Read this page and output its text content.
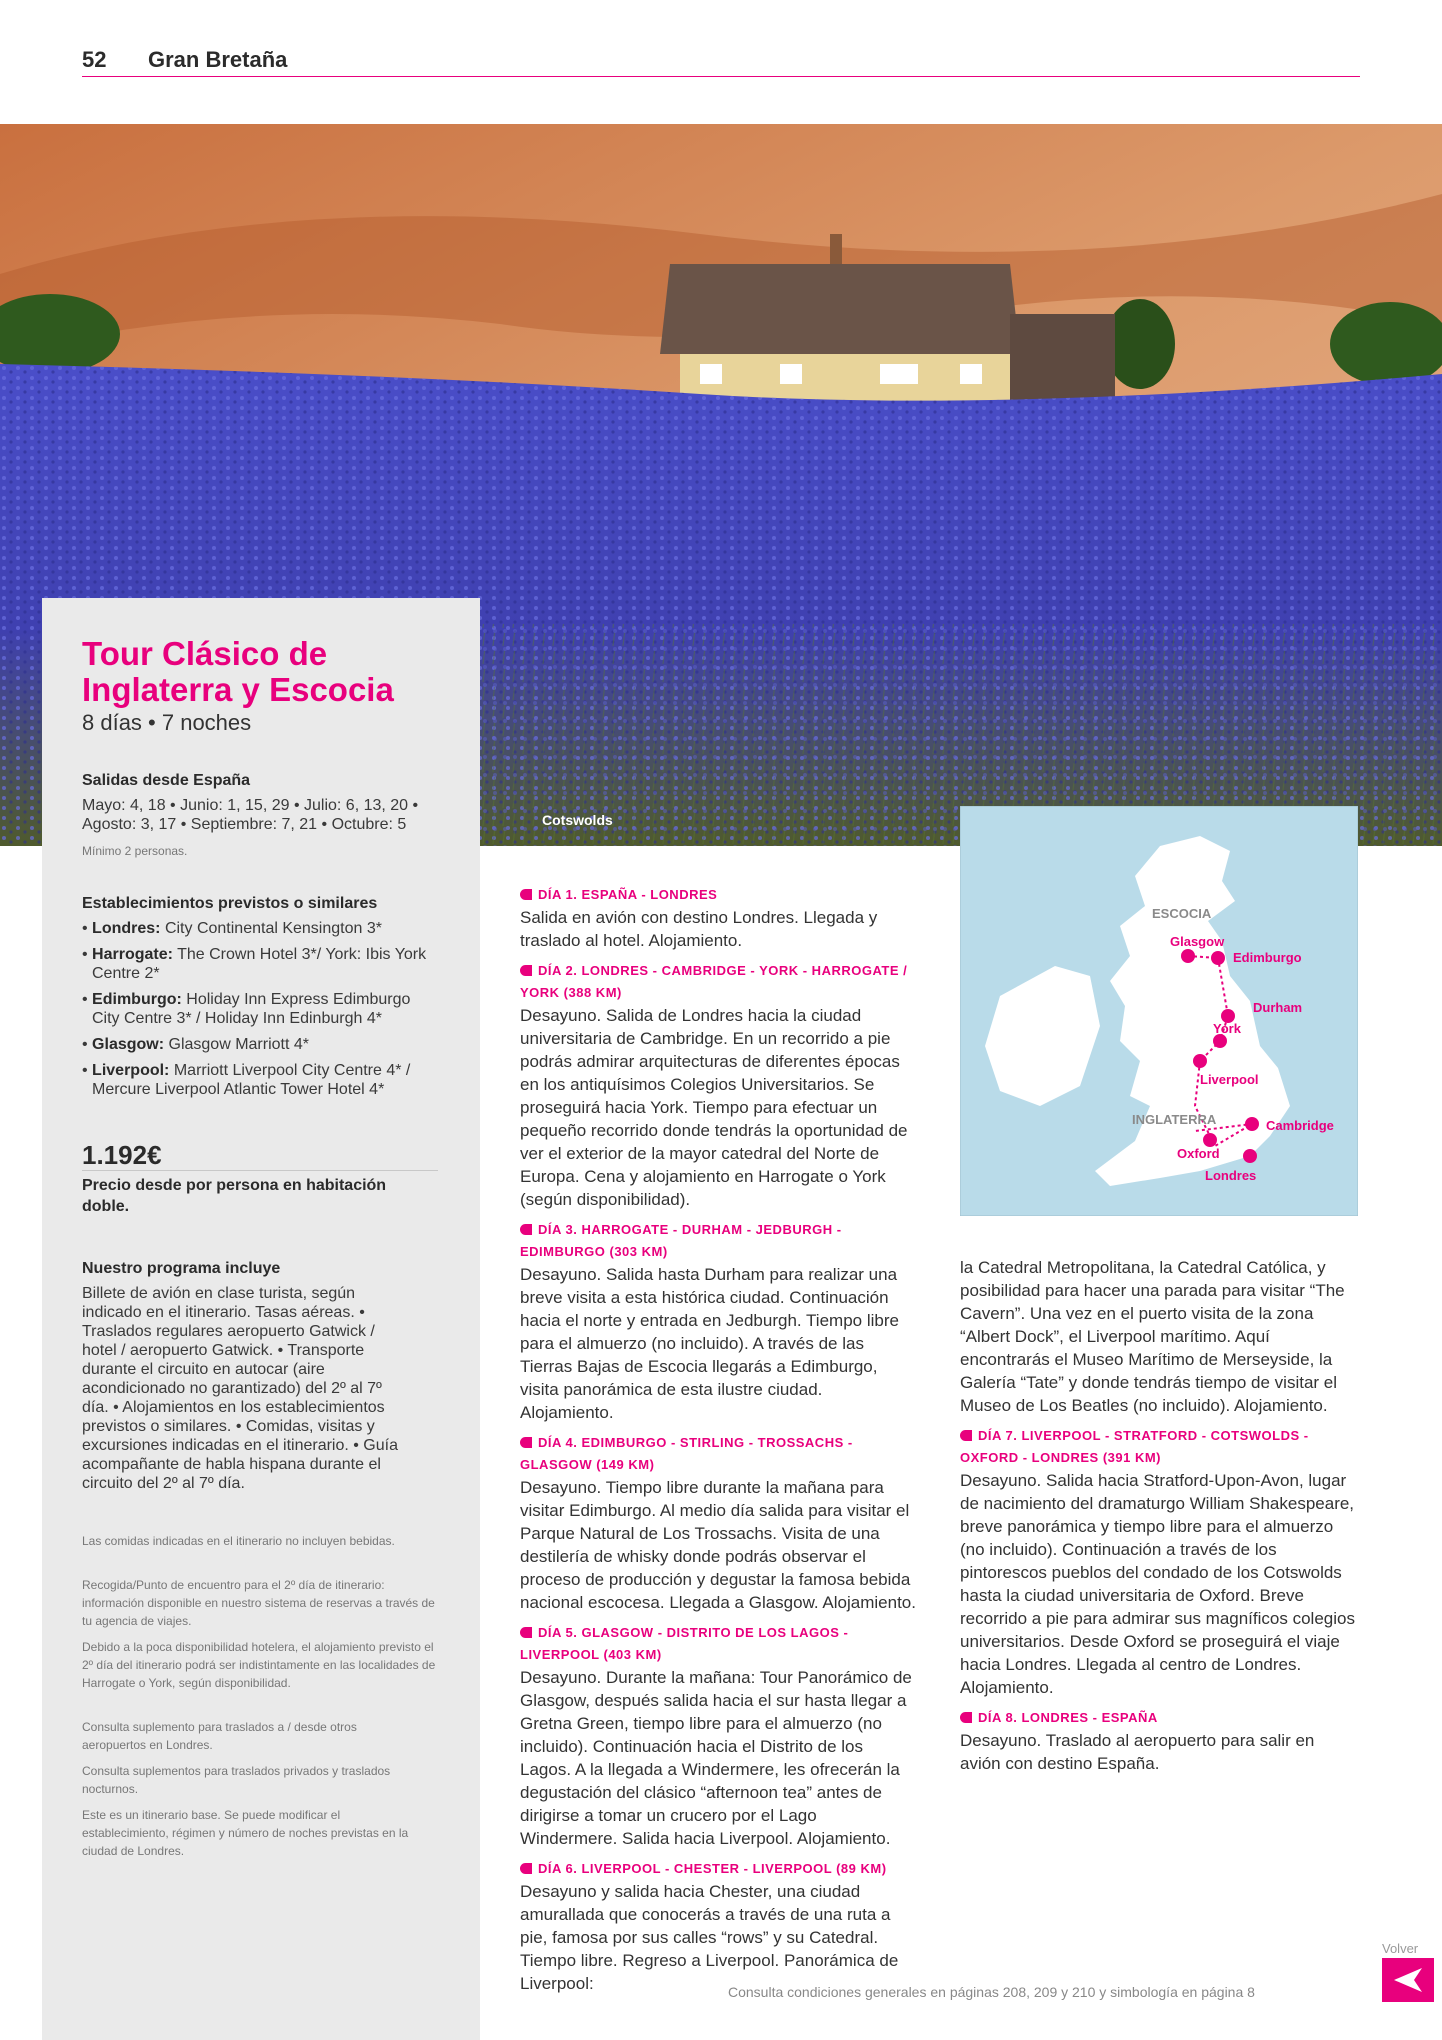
52 Gran Bretaña
Cotswolds
Tour Clásico de Inglaterra y Escocia
8 días • 7 noches
Salidas desde España
Mayo: 4, 18 • Junio: 1, 15, 29 • Julio: 6, 13, 20 • Agosto: 3, 17 • Septiembre: 7, 21 • Octubre: 5
Mínimo 2 personas.
Establecimientos previstos o similares
• Londres: City Continental Kensington 3*
• Harrogate: The Crown Hotel 3*/ York: Ibis York Centre 2*
• Edimburgo: Holiday Inn Express Edimburgo City Centre 3* / Holiday Inn Edinburgh 4*
• Glasgow: Glasgow Marriott 4*
• Liverpool: Marriott Liverpool City Centre 4* / Mercure Liverpool Atlantic Tower Hotel 4*
1.192€
Precio desde por persona en habitación doble.
Nuestro programa incluye
Billete de avión en clase turista, según indicado en el itinerario. Tasas aéreas. • Traslados regulares aeropuerto Gatwick / hotel / aeropuerto Gatwick. • Transporte durante el circuito en autocar (aire acondicionado no garantizado) del 2º al 7º día. • Alojamientos en los establecimientos previstos o similares. • Comidas, visitas y excursiones indicadas en el itinerario. • Guía acompañante de habla hispana durante el circuito del 2º al 7º día.
Las comidas indicadas en el itinerario no incluyen bebidas.
Recogida/Punto de encuentro para el 2º día de itinerario: información disponible en nuestro sistema de reservas a través de tu agencia de viajes.
Debido a la poca disponibilidad hotelera, el alojamiento previsto el 2º día del itinerario podrá ser indistintamente en las localidades de Harrogate o York, según disponibilidad.
Consulta suplemento para traslados a / desde otros aeropuertos en Londres.
Consulta suplementos para traslados privados y traslados nocturnos.
Este es un itinerario base. Se puede modificar el establecimiento, régimen y número de noches previstas en la ciudad de Londres.
DÍA 1. ESPAÑA - LONDRES

Salida en avión con destino Londres. Llegada y traslado al hotel. Alojamiento.

DÍA 2. LONDRES - CAMBRIDGE - YORK - HARROGATE / YORK (388 KM)

Desayuno. Salida de Londres hacia la ciudad universitaria de Cambridge. En un recorrido a pie podrás admirar arquitecturas de diferentes épocas en los antiquísimos Colegios Universitarios. Se proseguirá hacia York. Tiempo para efectuar un pequeño recorrido donde tendrás la oportunidad de ver el exterior de la mayor catedral del Norte de Europa. Cena y alojamiento en Harrogate o York (según disponibilidad).

DÍA 3. HARROGATE - DURHAM - JEDBURGH - EDIMBURGO (303 KM)

Desayuno. Salida hasta Durham para realizar una breve visita a esta histórica ciudad. Continuación hacia el norte y entrada en Jedburgh. Tiempo libre para el almuerzo (no incluido). A través de las Tierras Bajas de Escocia llegarás a Edimburgo, visita panorámica de esta ilustre ciudad. Alojamiento.

DÍA 4. EDIMBURGO - STIRLING - TROSSACHS - GLASGOW (149 KM)

Desayuno. Tiempo libre durante la mañana para visitar Edimburgo. Al medio día salida para visitar el Parque Natural de Los Trossachs. Visita de una destilería de whisky donde podrás observar el proceso de producción y degustar la famosa bebida nacional escocesa. Llegada a Glasgow. Alojamiento.

DÍA 5. GLASGOW - DISTRITO DE LOS LAGOS - LIVERPOOL (403 KM)

Desayuno. Durante la mañana: Tour Panorámico de Glasgow, después salida hacia el sur hasta llegar a Gretna Green, tiempo libre para el almuerzo (no incluido). Continuación hacia el Distrito de los Lagos. A la llegada a Windermere, les ofrecerán la degustación del clásico “afternoon tea” antes de dirigirse a tomar un crucero por el Lago Windermere. Salida hacia Liverpool. Alojamiento.

DÍA 6. LIVERPOOL - CHESTER - LIVERPOOL (89 KM)

Desayuno y salida hacia Chester, una ciudad amurallada que conocerás a través de una ruta a pie, famosa por sus calles “rows” y su Catedral. Tiempo libre. Regreso a Liverpool. Panorámica de Liverpool:

ESCOCIA
INGLATERRA
Glasgow
Edimburgo
Durham
York
Liverpool
Cambridge
Oxford
Londres

la Catedral Metropolitana, la Catedral Católica, y posibilidad para hacer una parada para visitar “The Cavern”. Una vez en el puerto visita de la zona “Albert Dock”, el Liverpool marítimo. Aquí encontrarás el Museo Marítimo de Merseyside, la Galería “Tate” y donde tendrás tiempo de visitar el Museo de Los Beatles (no incluido). Alojamiento.

DÍA 7. LIVERPOOL - STRATFORD - COTSWOLDS - OXFORD - LONDRES (391 KM)

Desayuno. Salida hacia Stratford-Upon-Avon, lugar de nacimiento del dramaturgo William Shakespeare, breve panorámica y tiempo libre para el almuerzo (no incluido). Continuación a través de los pintorescos pueblos del condado de los Cotswolds hasta la ciudad universitaria de Oxford. Breve recorrido a pie para admirar sus magníficos colegios universitarios. Desde Oxford se proseguirá el viaje hacia Londres. Llegada al centro de Londres. Alojamiento.

DÍA 8. LONDRES - ESPAÑA

Desayuno. Traslado al aeropuerto para salir en avión con destino España.

Consulta condiciones generales en páginas 208, 209 y 210 y simbología en página 8
Volver
